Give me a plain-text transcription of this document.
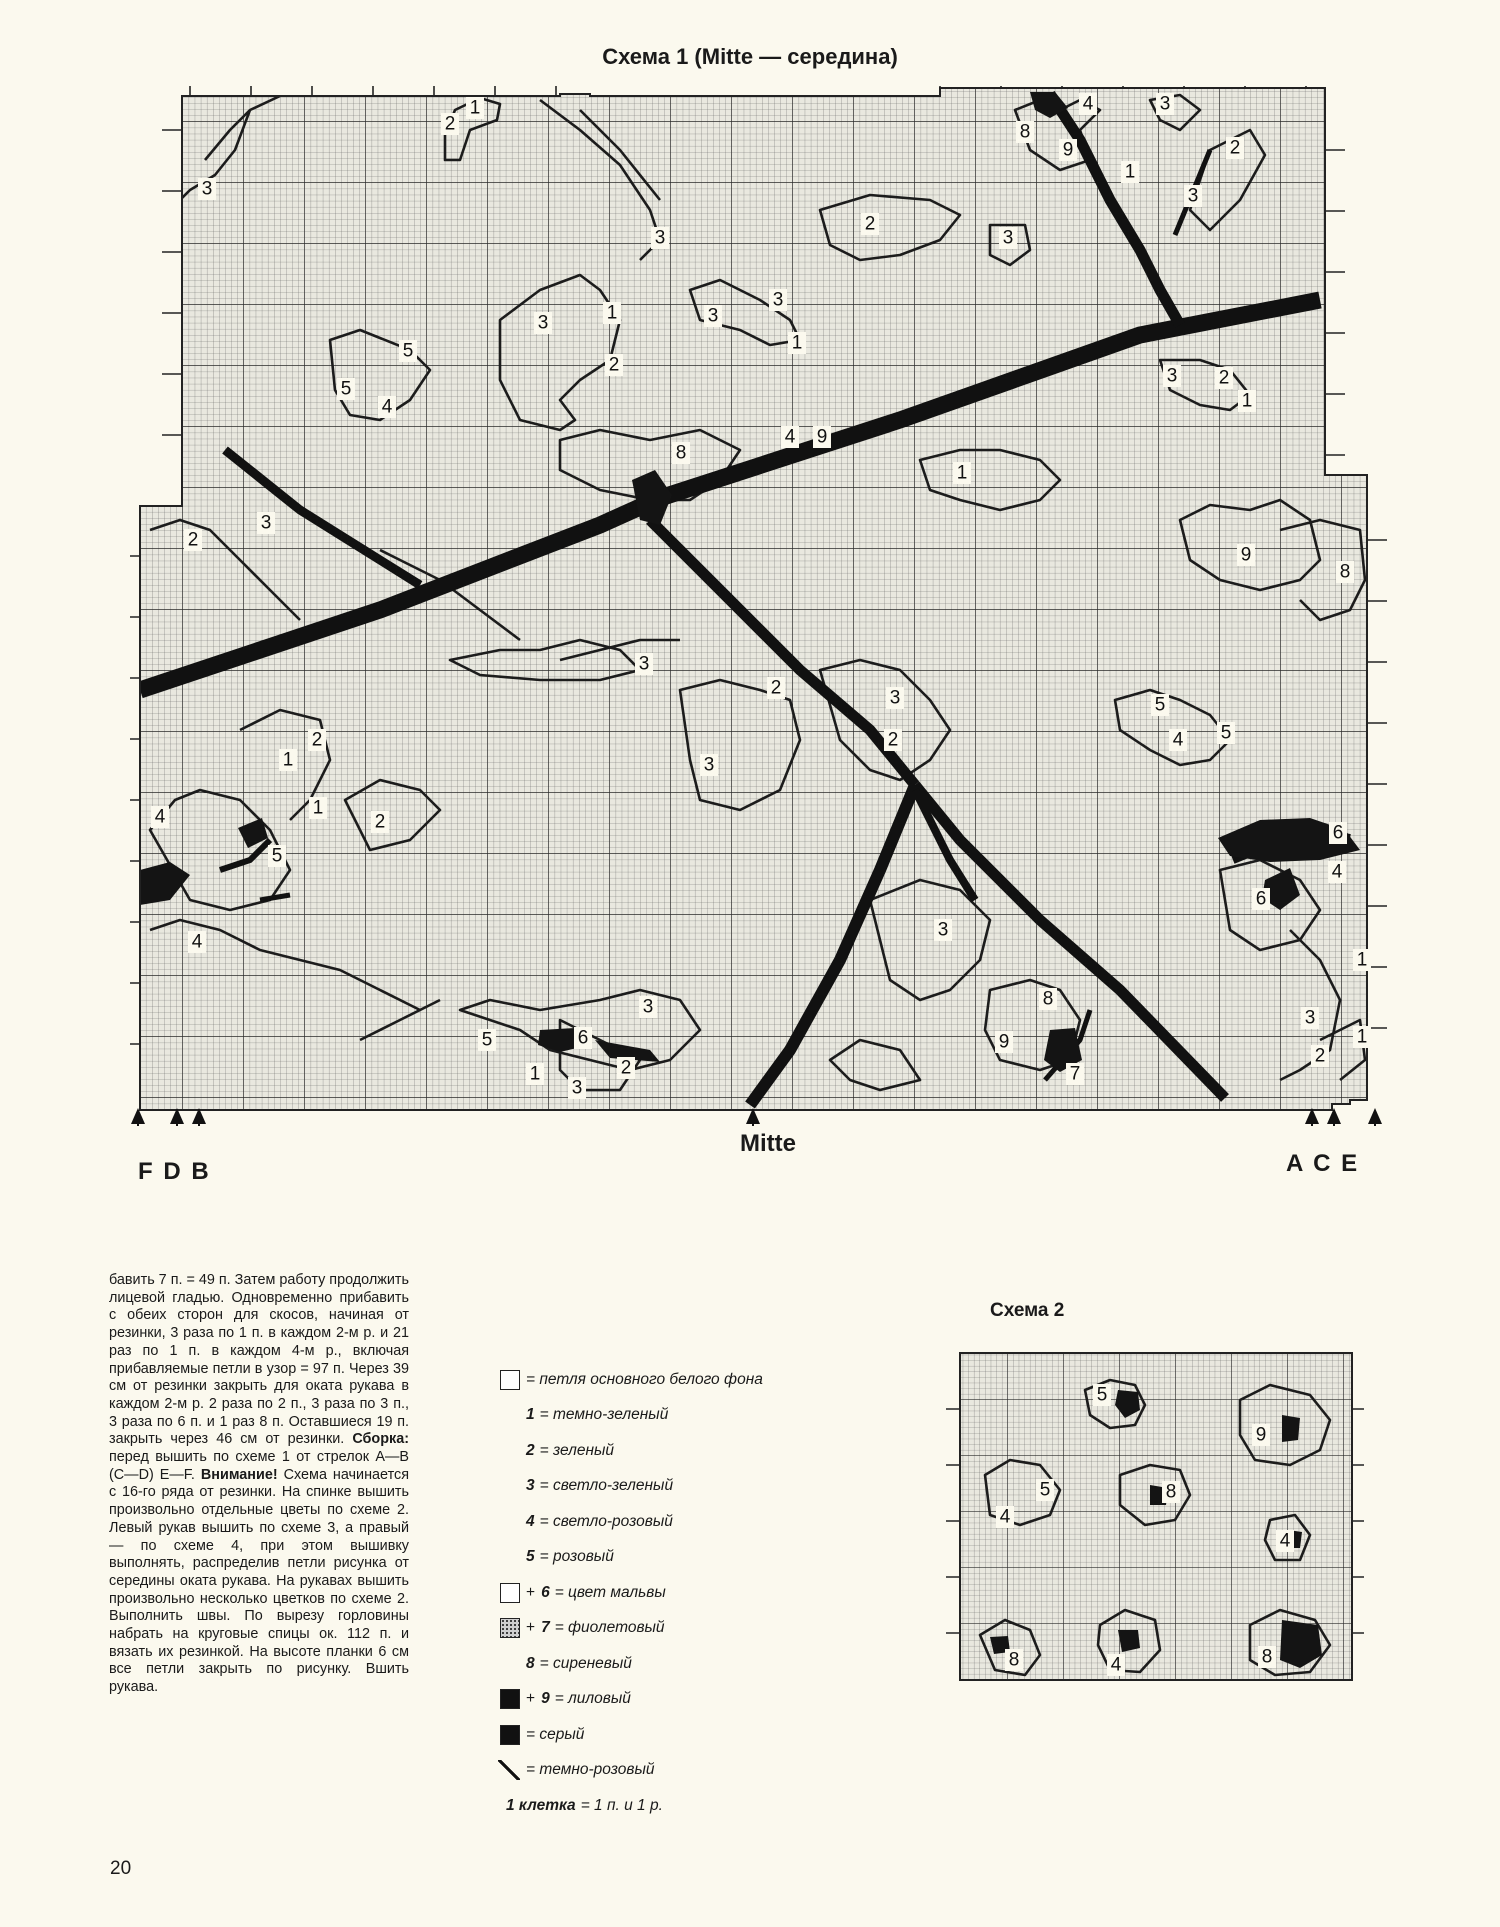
Схема 1 (Mitte — середина)
1
2
3
4	3
8
9
1
2
3
2
3
3
3
3
1
3	1
2
5
5
4
3 2
1
4 9
8
1
2
3
9
8
3
2	3	5
4 5
2
3
2
1
1
2
4
5
4
6
4
6
3
1
8
3
6
5	9
3
1
2
1
3
7
2
Mitte
F D B	A C E
бавить 7 п. = 49 п. Затем работу продолжить лицевой гладью. Одновременно прибавить с обеих сторон для скосов, начиная от резинки, 3 раза по 1 п. в каждом 2-м р. и 21 раз по 1 п. в каждом 4-м р., включая прибавляемые петли в узор = 97 п. Через 39 см от резинки закрыть для оката рукава в каждом 2-м р. 2 раза по 2 п., 3 раза по 3 п., 3 раза по 6 п. и 1 раз 8 п. Оставшиеся 19 п. закрыть через 46 см от резинки. Сборка: перед вышить по схеме 1 от стрелок А—В (С—D) Е—F. Внимание! Схема начинается с 16-го ряда от резинки. На спинке вышить произвольно отдельные цветы по схеме 2. Левый рукав вышить по схеме 3, а правый — по схеме 4, при этом вышивку выполнять, распределив петли рисунка от середины оката рукава. На рукавах вышить произвольно несколько цветков по схеме 2. Выполнить швы. По вырезу горловины набрать на круговые спицы ок. 112 п. и вязать их резинкой. На высоте планки 6 см все петли закрыть по рисунку. Вшить рукава.
= петля основного белого фона
1 = темно-зеленый
2 = зеленый
3 = светло-зеленый
4 = светло-розовый
5 = розовый
+ 6 = цвет мальвы
+ 7 = фиолетовый
8 = сиреневый
+ 9 = лиловый
= серый
= темно-розовый
1 клетка = 1 п. и 1 р.
Схема 2
5
9
5
4
8
4
8	4	8
20
